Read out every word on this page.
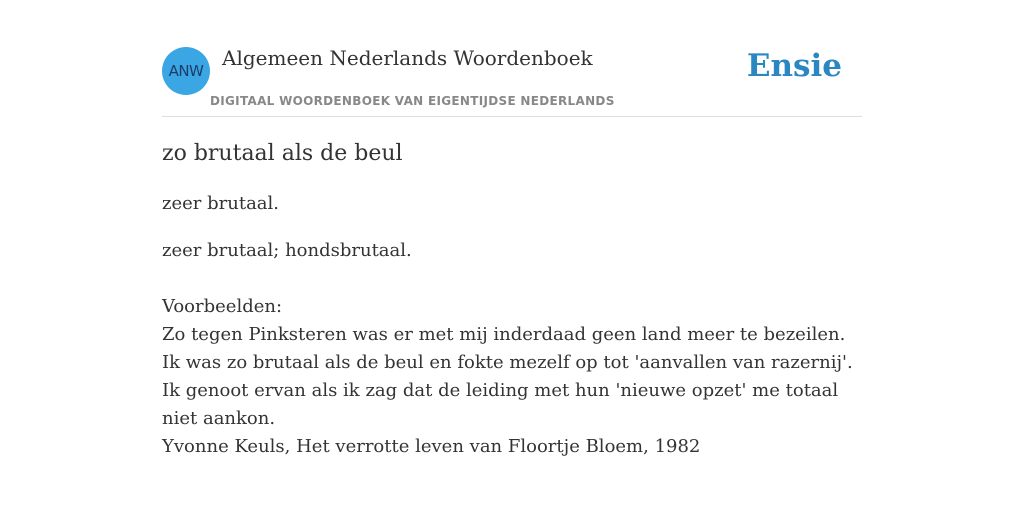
ANW
Algemeen Nederlands Woordenboek
DIGITAAL WOORDENBOEK VAN EIGENTIJDSE NEDERLANDS
Ensie
zo brutaal als de beul

zeer brutaal.

zeer brutaal; hondsbrutaal.

Voorbeelden:

Zo tegen Pinksteren was er met mij inderdaad geen land meer te bezeilen. Ik was zo brutaal als de beul en fokte mezelf op tot 'aanvallen van razernij'. Ik genoot ervan als ik zag dat de leiding met hun 'nieuwe opzet' me totaal niet aankon.

Yvonne Keuls, Het verrotte leven van Floortje Bloem, 1982
